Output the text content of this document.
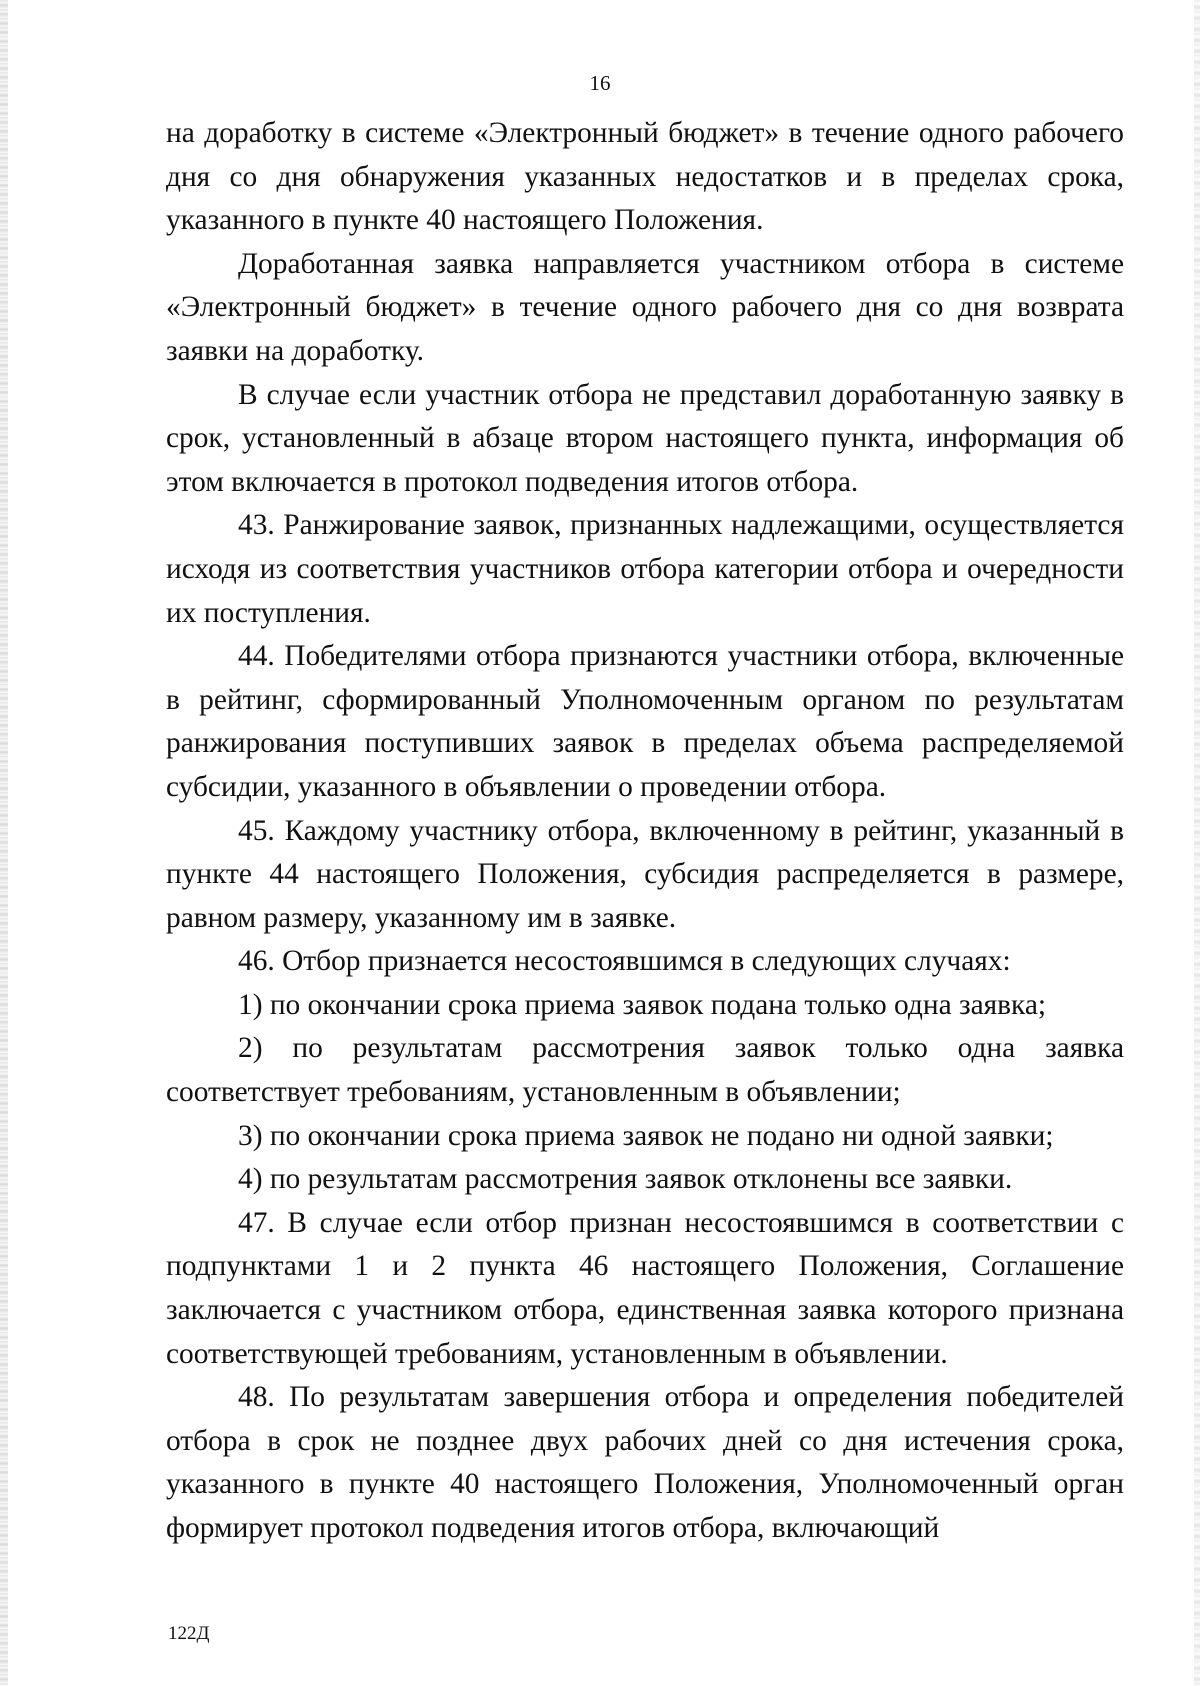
16

на доработку в системе «Электронный бюджет» в течение одного рабочего дня со дня обнаружения указанных недостатков и в пределах срока, указанного в пункте 40 настоящего Положения.

Доработанная заявка направляется участником отбора в системе «Электронный бюджет» в течение одного рабочего дня со дня возврата заявки на доработку.

В случае если участник отбора не представил доработанную заявку в срок, установленный в абзаце втором настоящего пункта, информация об этом включается в протокол подведения итогов отбора.

43. Ранжирование заявок, признанных надлежащими, осуществляется исходя из соответствия участников отбора категории отбора и очередности их поступления.

44. Победителями отбора признаются участники отбора, включенные в рейтинг, сформированный Уполномоченным органом по результатам ранжирования поступивших заявок в пределах объема распределяемой субсидии, указанного в объявлении о проведении отбора.

45. Каждому участнику отбора, включенному в рейтинг, указанный в пункте 44 настоящего Положения, субсидия распределяется в размере, равном размеру, указанному им в заявке.

46. Отбор признается несостоявшимся в следующих случаях:

1) по окончании срока приема заявок подана только одна заявка;

2) по результатам рассмотрения заявок только одна заявка соответствует требованиям, установленным в объявлении;

3) по окончании срока приема заявок не подано ни одной заявки;

4) по результатам рассмотрения заявок отклонены все заявки.

47. В случае если отбор признан несостоявшимся в соответствии с подпунктами 1 и 2 пункта 46 настоящего Положения, Соглашение заключается с участником отбора, единственная заявка которого признана соответствующей требованиям, установленным в объявлении.

48. По результатам завершения отбора и определения победителей отбора в срок не позднее двух рабочих дней со дня истечения срока, указанного в пункте 40 настоящего Положения, Уполномоченный орган формирует протокол подведения итогов отбора, включающий

122Д
